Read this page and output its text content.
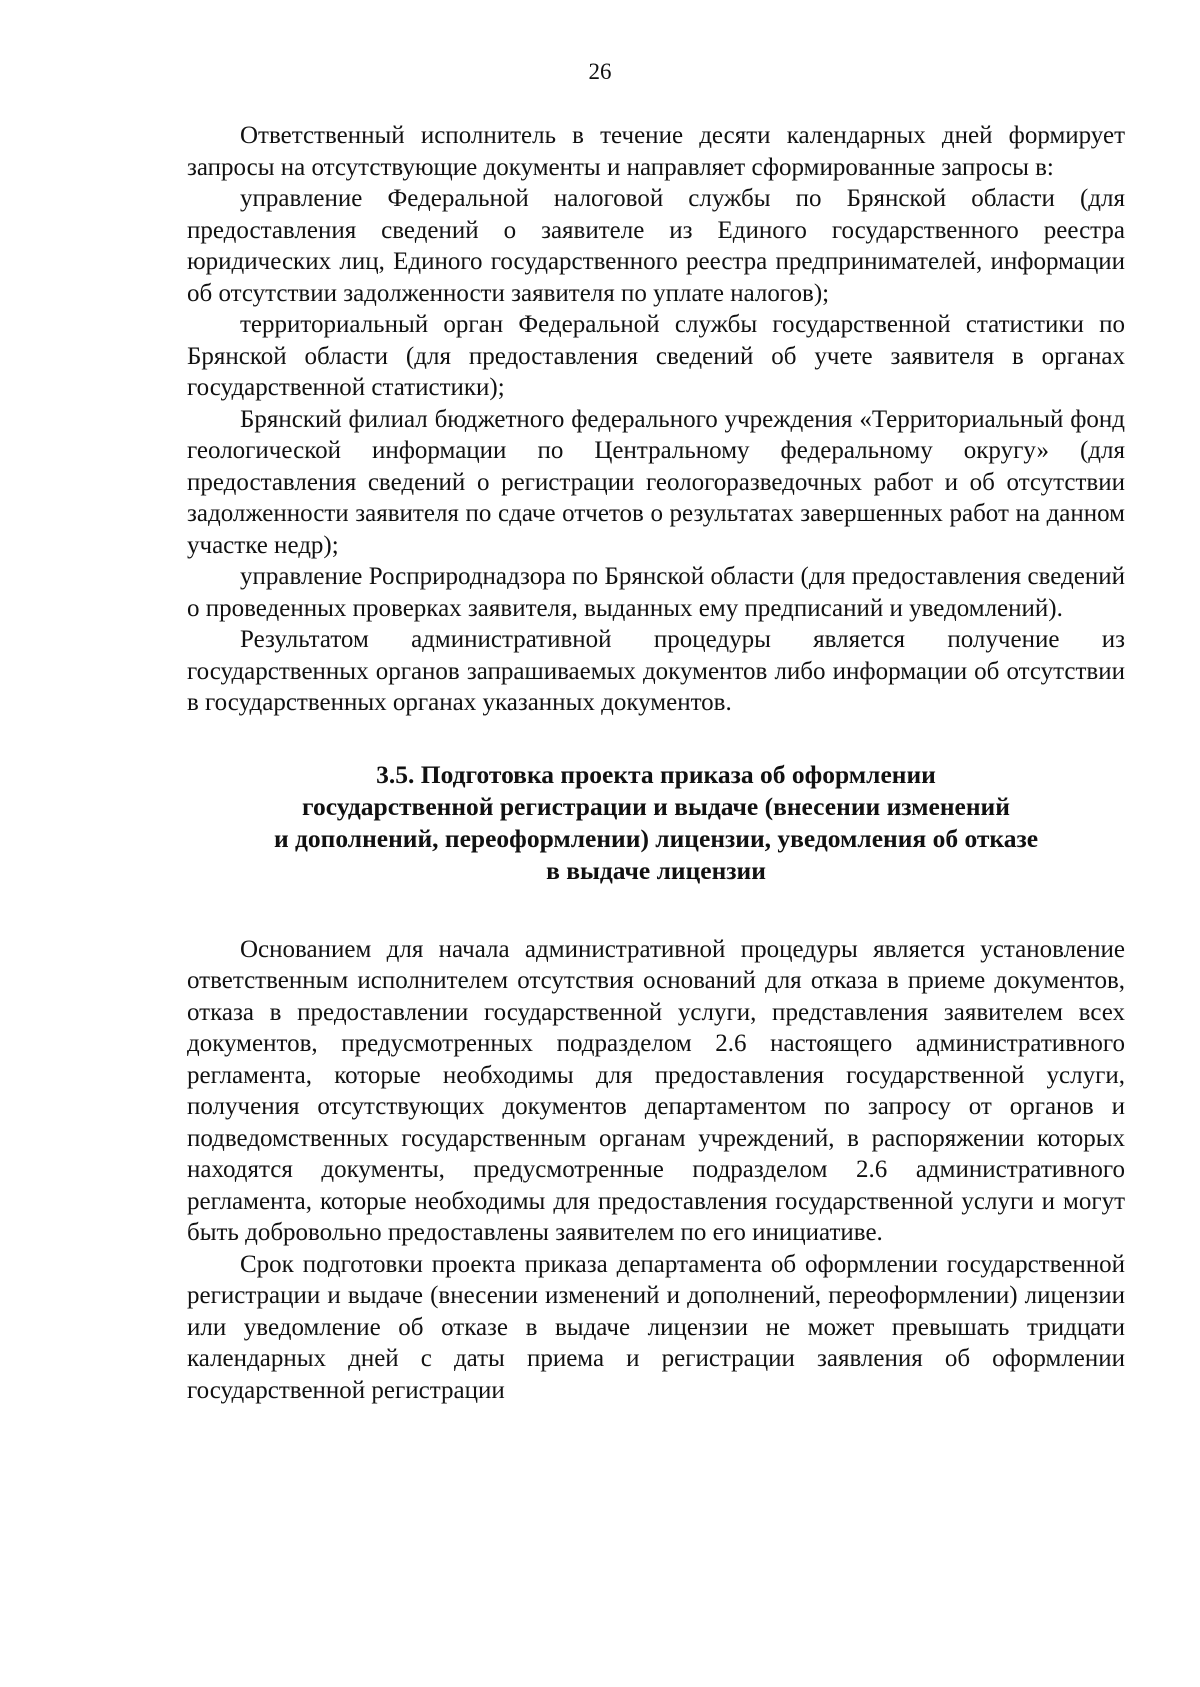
26

Ответственный исполнитель в течение десяти календарных дней формирует запросы на отсутствующие документы и направляет сформированные запросы в:

управление Федеральной налоговой службы по Брянской области (для предоставления сведений о заявителе из Единого государственного реестра юридических лиц, Единого государственного реестра предпринимателей, информации об отсутствии задолженности заявителя по уплате налогов);

территориальный орган Федеральной службы государственной статистики по Брянской области (для предоставления сведений об учете заявителя в органах государственной статистики);

Брянский филиал бюджетного федерального учреждения «Территориальный фонд геологической информации по Центральному федеральному округу» (для предоставления сведений о регистрации геологоразведочных работ и об отсутствии задолженности заявителя по сдаче отчетов о результатах завершенных работ на данном участке недр);

управление Росприроднадзора по Брянской области (для предоставления сведений о проведенных проверках заявителя, выданных ему предписаний и уведомлений).

Результатом административной процедуры является получение из государственных органов запрашиваемых документов либо информации об отсутствии в государственных органах указанных документов.

3.5. Подготовка проекта приказа об оформлении
государственной регистрации и выдаче (внесении изменений
и дополнений, переоформлении) лицензии, уведомления об отказе
в выдаче лицензии

Основанием для начала административной процедуры является установление ответственным исполнителем отсутствия оснований для отказа в приеме документов, отказа в предоставлении государственной услуги, представления заявителем всех документов, предусмотренных подразделом 2.6 настоящего административного регламента, которые необходимы для предоставления государственной услуги, получения отсутствующих документов департаментом по запросу от органов и подведомственных государственным органам учреждений, в распоряжении которых находятся документы, предусмотренные подразделом 2.6 административного регламента, которые необходимы для предоставления государственной услуги и могут быть добровольно предоставлены заявителем по его инициативе.

Срок подготовки проекта приказа департамента об оформлении государственной регистрации и выдаче (внесении изменений и дополнений, переоформлении) лицензии или уведомление об отказе в выдаче лицензии не может превышать тридцати календарных дней с даты приема и регистрации заявления об оформлении государственной регистрации
